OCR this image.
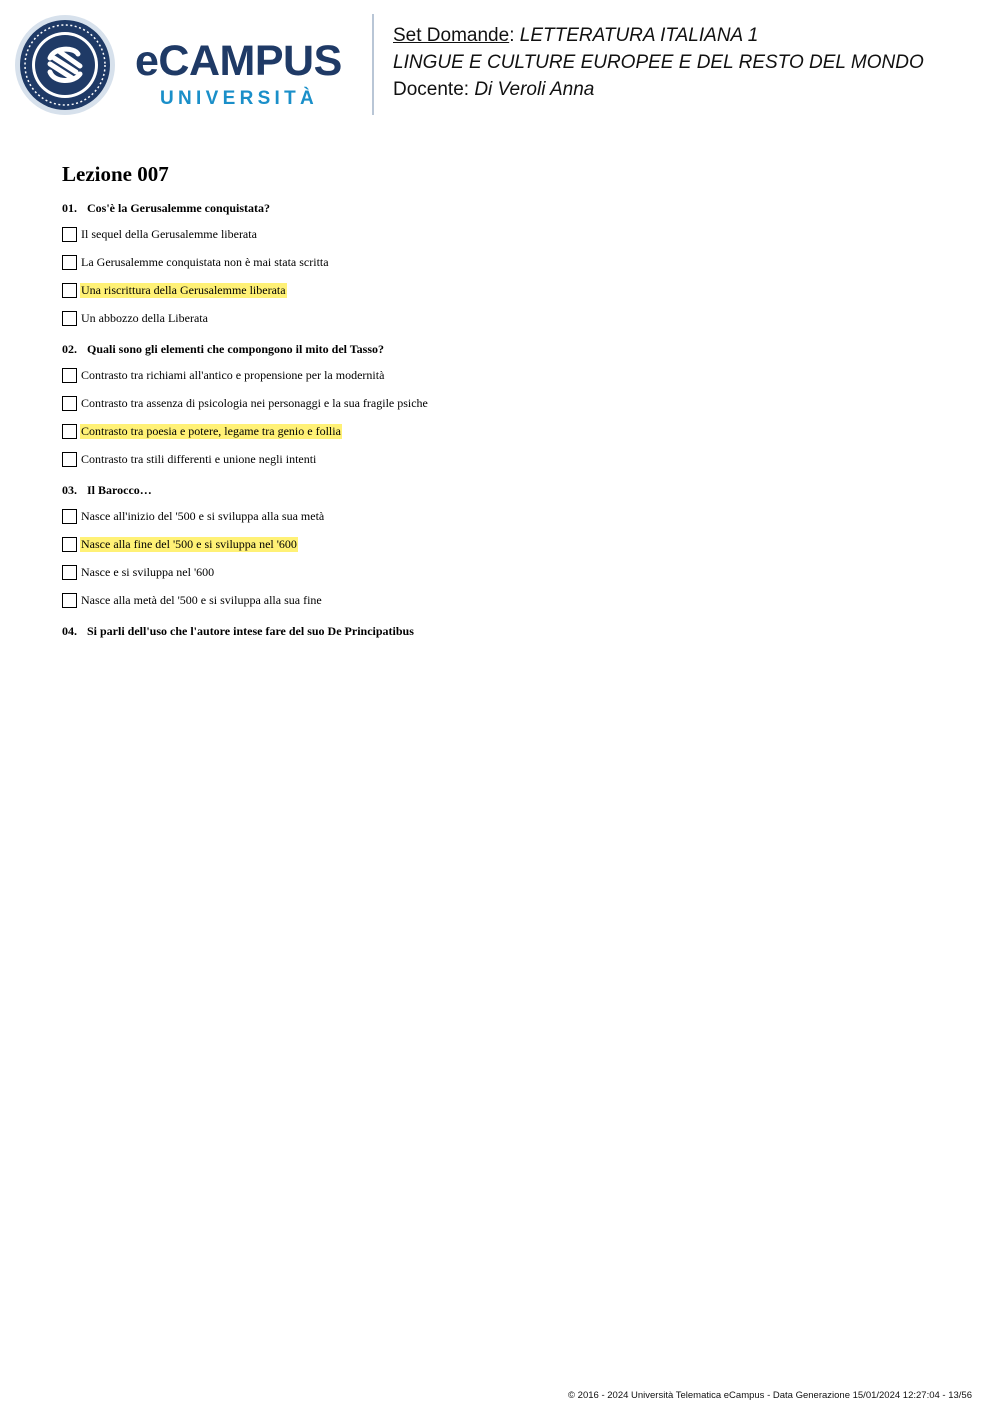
eCAMPUS
UNIVERSITÀ
Set Domande: LETTERATURA ITALIANA 1
LINGUE E CULTURE EUROPEE E DEL RESTO DEL MONDO
Docente: Di Veroli Anna
Lezione 007
01. Cos'è la Gerusalemme conquistata?
Il sequel della Gerusalemme liberata
La Gerusalemme conquistata non è mai stata scritta
Una riscrittura della Gerusalemme liberata
Un abbozzo della Liberata
02. Quali sono gli elementi che compongono il mito del Tasso?
Contrasto tra richiami all'antico e propensione per la modernità
Contrasto tra assenza di psicologia nei personaggi e la sua fragile psiche
Contrasto tra poesia e potere, legame tra genio e follia
Contrasto tra stili differenti e unione negli intenti
03. Il Barocco…
Nasce all'inizio del '500 e si sviluppa alla sua metà
Nasce alla fine del '500 e si sviluppa nel '600
Nasce e si sviluppa nel '600
Nasce alla metà del '500 e si sviluppa alla sua fine
04. Si parli dell'uso che l'autore intese fare del suo De Principatibus
© 2016 - 2024 Università Telematica eCampus - Data Generazione 15/01/2024 12:27:04 - 13/56
